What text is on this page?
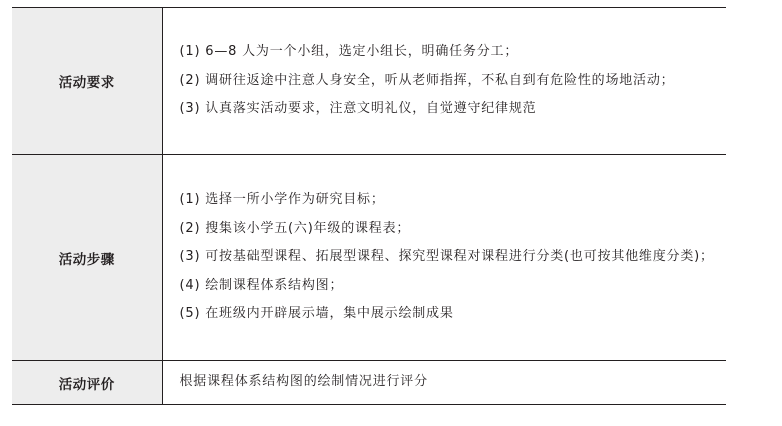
活动要求	(1) 6—8 人为一个小组，选定小组长，明确任务分工；
(2) 调研往返途中注意人身安全，听从老师指挥，不私自到有危险性的场地活动；
(3) 认真落实活动要求，注意文明礼仪，自觉遵守纪律规范

活动步骤	(1) 选择一所小学作为研究目标；
(2) 搜集该小学五(六)年级的课程表；
(3) 可按基础型课程、拓展型课程、探究型课程对课程进行分类(也可按其他维度分类)；
(4) 绘制课程体系结构图；
(5) 在班级内开辟展示墙，集中展示绘制成果

活动评价	根据课程体系结构图的绘制情况进行评分
